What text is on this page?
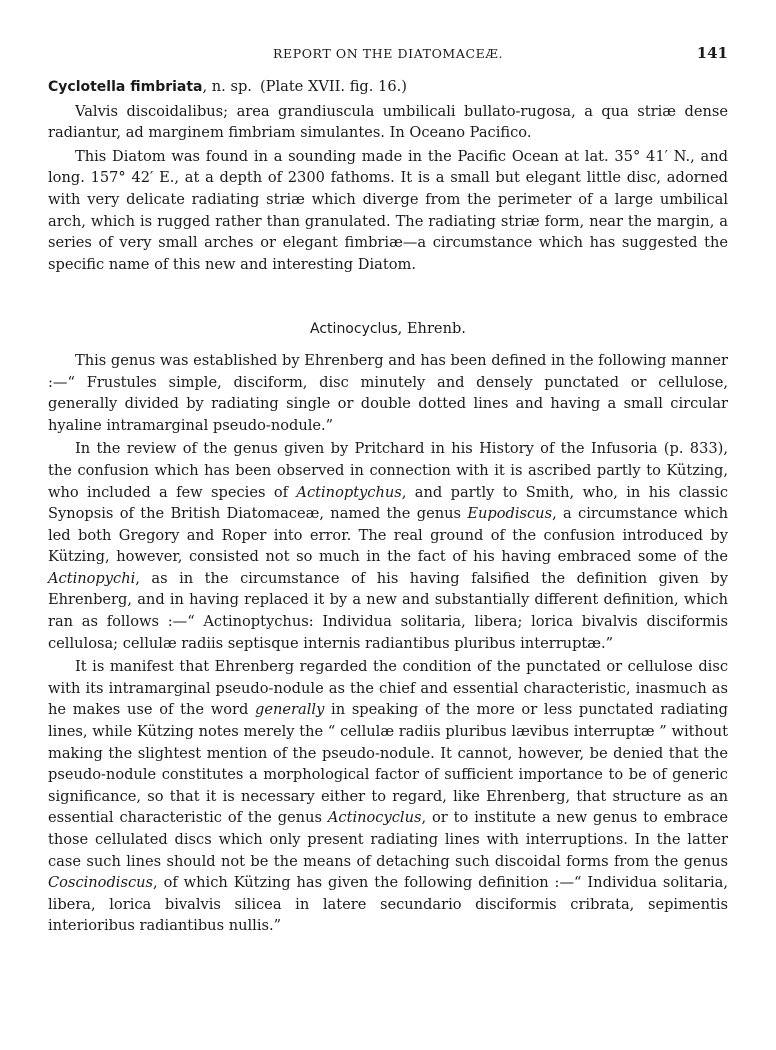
REPORT ON THE DIATOMACEÆ.	141
Cyclotella fimbriata, n. sp. (Plate XVII. fig. 16.)

Valvis discoidalibus; area grandiuscula umbilicali bullato-rugosa, a qua striæ dense radiantur, ad marginem fimbriam simulantes. In Oceano Pacifico.

This Diatom was found in a sounding made in the Pacific Ocean at lat. 35° 41′ N., and long. 157° 42′ E., at a depth of 2300 fathoms. It is a small but elegant little disc, adorned with very delicate radiating striæ which diverge from the perimeter of a large umbilical arch, which is rugged rather than granulated. The radiating striæ form, near the margin, a series of very small arches or elegant fimbriæ—a circumstance which has suggested the specific name of this new and interesting Diatom.

Actinocyclus, Ehrenb.

This genus was established by Ehrenberg and has been defined in the following manner :—“ Frustules simple, disciform, disc minutely and densely punctated or cellulose, generally divided by radiating single or double dotted lines and having a small circular hyaline intramarginal pseudo-nodule.”

In the review of the genus given by Pritchard in his History of the Infusoria (p. 833), the confusion which has been observed in connection with it is ascribed partly to Kützing, who included a few species of Actinoptychus, and partly to Smith, who, in his classic Synopsis of the British Diatomaceæ, named the genus Eupodiscus, a circumstance which led both Gregory and Roper into error. The real ground of the confusion introduced by Kützing, however, consisted not so much in the fact of his having embraced some of the Actinopychi, as in the circumstance of his having falsified the definition given by Ehrenberg, and in having replaced it by a new and substantially different definition, which ran as follows :—“ Actinoptychus: Individua solitaria, libera; lorica bivalvis disciformis cellulosa; cellulæ radiis septisque internis radiantibus pluribus interruptæ.”

It is manifest that Ehrenberg regarded the condition of the punctated or cellulose disc with its intramarginal pseudo-nodule as the chief and essential characteristic, inasmuch as he makes use of the word generally in speaking of the more or less punctated radiating lines, while Kützing notes merely the “ cellulæ radiis pluribus lævibus interruptæ ” without making the slightest mention of the pseudo-nodule. It cannot, however, be denied that the pseudo-nodule constitutes a morphological factor of sufficient importance to be of generic significance, so that it is necessary either to regard, like Ehrenberg, that structure as an essential characteristic of the genus Actinocyclus, or to institute a new genus to embrace those cellulated discs which only present radiating lines with interruptions. In the latter case such lines should not be the means of detaching such discoidal forms from the genus Coscinodiscus, of which Kützing has given the following definition :—“ Individua solitaria, libera, lorica bivalvis silicea in latere secundario disciformis cribrata, sepimentis interioribus radiantibus nullis.”
